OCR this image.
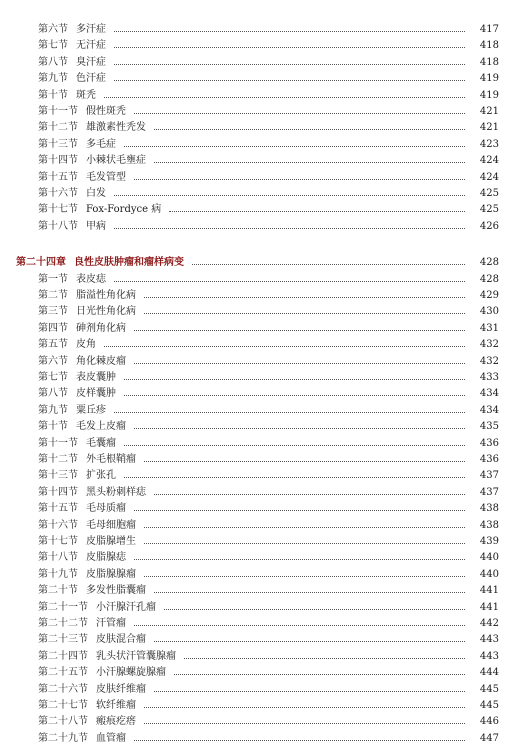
第六节 多汗症	417
第七节 无汗症	418
第八节 臭汗症	418
第九节 色汗症	419
第十节 斑秃	419
第十一节 假性斑秃	421
第十二节 雄激素性秃发	421
第十三节 多毛症	423
第十四节 小棘状毛壅症	424
第十五节 毛发管型	424
第十六节 白发	425
第十七节 Fox-Fordyce 病	425
第十八节 甲病	426
第二十四章 良性皮肤肿瘤和瘤样病变	428
第一节 表皮痣	428
第二节 脂溢性角化病	429
第三节 日光性角化病	430
第四节 砷剂角化病	431
第五节 皮角	432
第六节 角化棘皮瘤	432
第七节 表皮囊肿	433
第八节 皮样囊肿	434
第九节 粟丘疹	434
第十节 毛发上皮瘤	435
第十一节 毛囊瘤	436
第十二节 外毛根鞘瘤	436
第十三节 扩张孔	437
第十四节 黑头粉刺样痣	437
第十五节 毛母质瘤	438
第十六节 毛母细胞瘤	438
第十七节 皮脂腺增生	439
第十八节 皮脂腺痣	440
第十九节 皮脂腺腺瘤	440
第二十节 多发性脂囊瘤	441
第二十一节 小汗腺汗孔瘤	441
第二十二节 汗管瘤	442
第二十三节 皮肤混合瘤	443
第二十四节 乳头状汗管囊腺瘤	443
第二十五节 小汗腺螺旋腺瘤	444
第二十六节 皮肤纤维瘤	445
第二十七节 软纤维瘤	445
第二十八节 瘢痕疙瘩	446
第二十九节 血管瘤	447
